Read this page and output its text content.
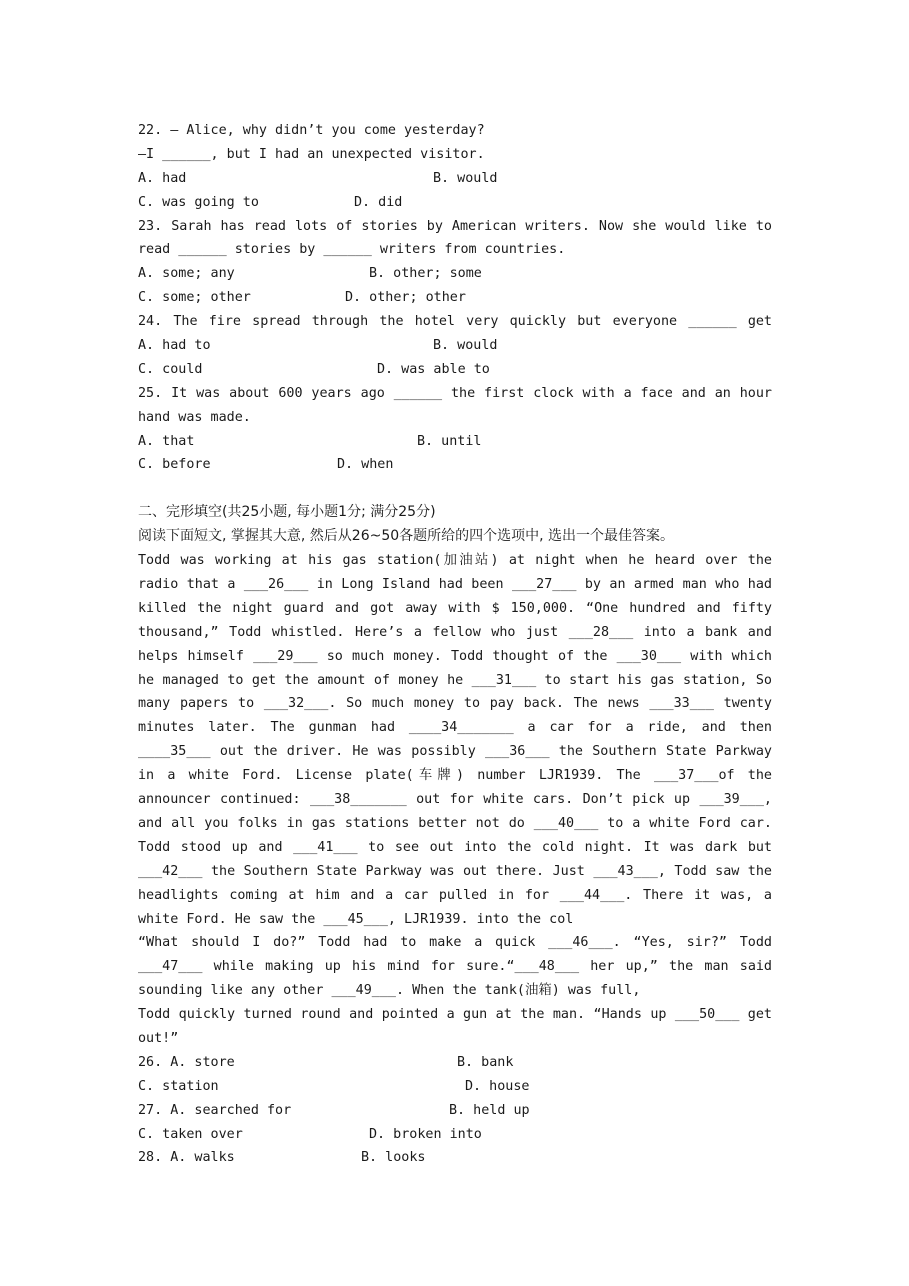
22. — Alice, why didn’t you come yesterday?
—I ______, but I had an unexpected visitor.
A. had	B. would
C. was going to	D. did
23. Sarah has read lots of stories by American writers. Now she would like to
read ______ stories by ______ writers from countries.
A. some; any	B. other; some
C. some; other	D. other; other
24. The fire spread through the hotel very quickly but everyone ______ get
A. had to	B. would
C. could	D. was able to
25. It was about 600 years ago ______ the first clock with a face and an hour
hand was made.
A. that	B. until
C. before	D. when
二、完形填空(共25小题, 每小题1分; 满分25分)
阅读下面短文, 掌握其大意, 然后从26~50各题所给的四个选项中, 选出一个最佳答案。
Todd was working at his gas station(加油站) at night when he heard over the
radio that a ___26___ in Long Island had been ___27___ by an armed man who had
killed the night guard and got away with $ 150,000. “One hundred and fifty
thousand,” Todd whistled. Here’s a fellow who just ___28___ into a bank and
helps himself ___29___ so much money. Todd thought of the ___30___ with which
he managed to get the amount of money he ___31___ to start his gas station, So
many papers to ___32___. So much money to pay back. The news ___33___ twenty
minutes later. The gunman had ____34_______ a car for a ride, and then
____35___ out the driver. He was possibly ___36___ the Southern State Parkway
in a white Ford. License plate(车牌) number LJR1939. The ___37___of the
announcer continued: ___38_______ out for white cars. Don’t pick up ___39___,
and all you folks in gas stations better not do ___40___ to a white Ford car.
Todd stood up and ___41___ to see out into the cold night. It was dark but
___42___ the Southern State Parkway was out there. Just ___43___, Todd saw the
headlights coming at him and a car pulled in for ___44___. There it was, a
white Ford. He saw the ___45___, LJR1939. into the col
“What should I do?” Todd had to make a quick ___46___. “Yes, sir?” Todd
___47___ while making up his mind for sure.“___48___ her up,” the man said
sounding like any other ___49___. When the tank(油箱) was full,
Todd quickly turned round and pointed a gun at the man. “Hands up ___50___ get
out!”
26. A. store	B. bank
C. station	D. house
27. A. searched for	B. held up
C. taken over	D. broken into
28. A. walks	B. looks
